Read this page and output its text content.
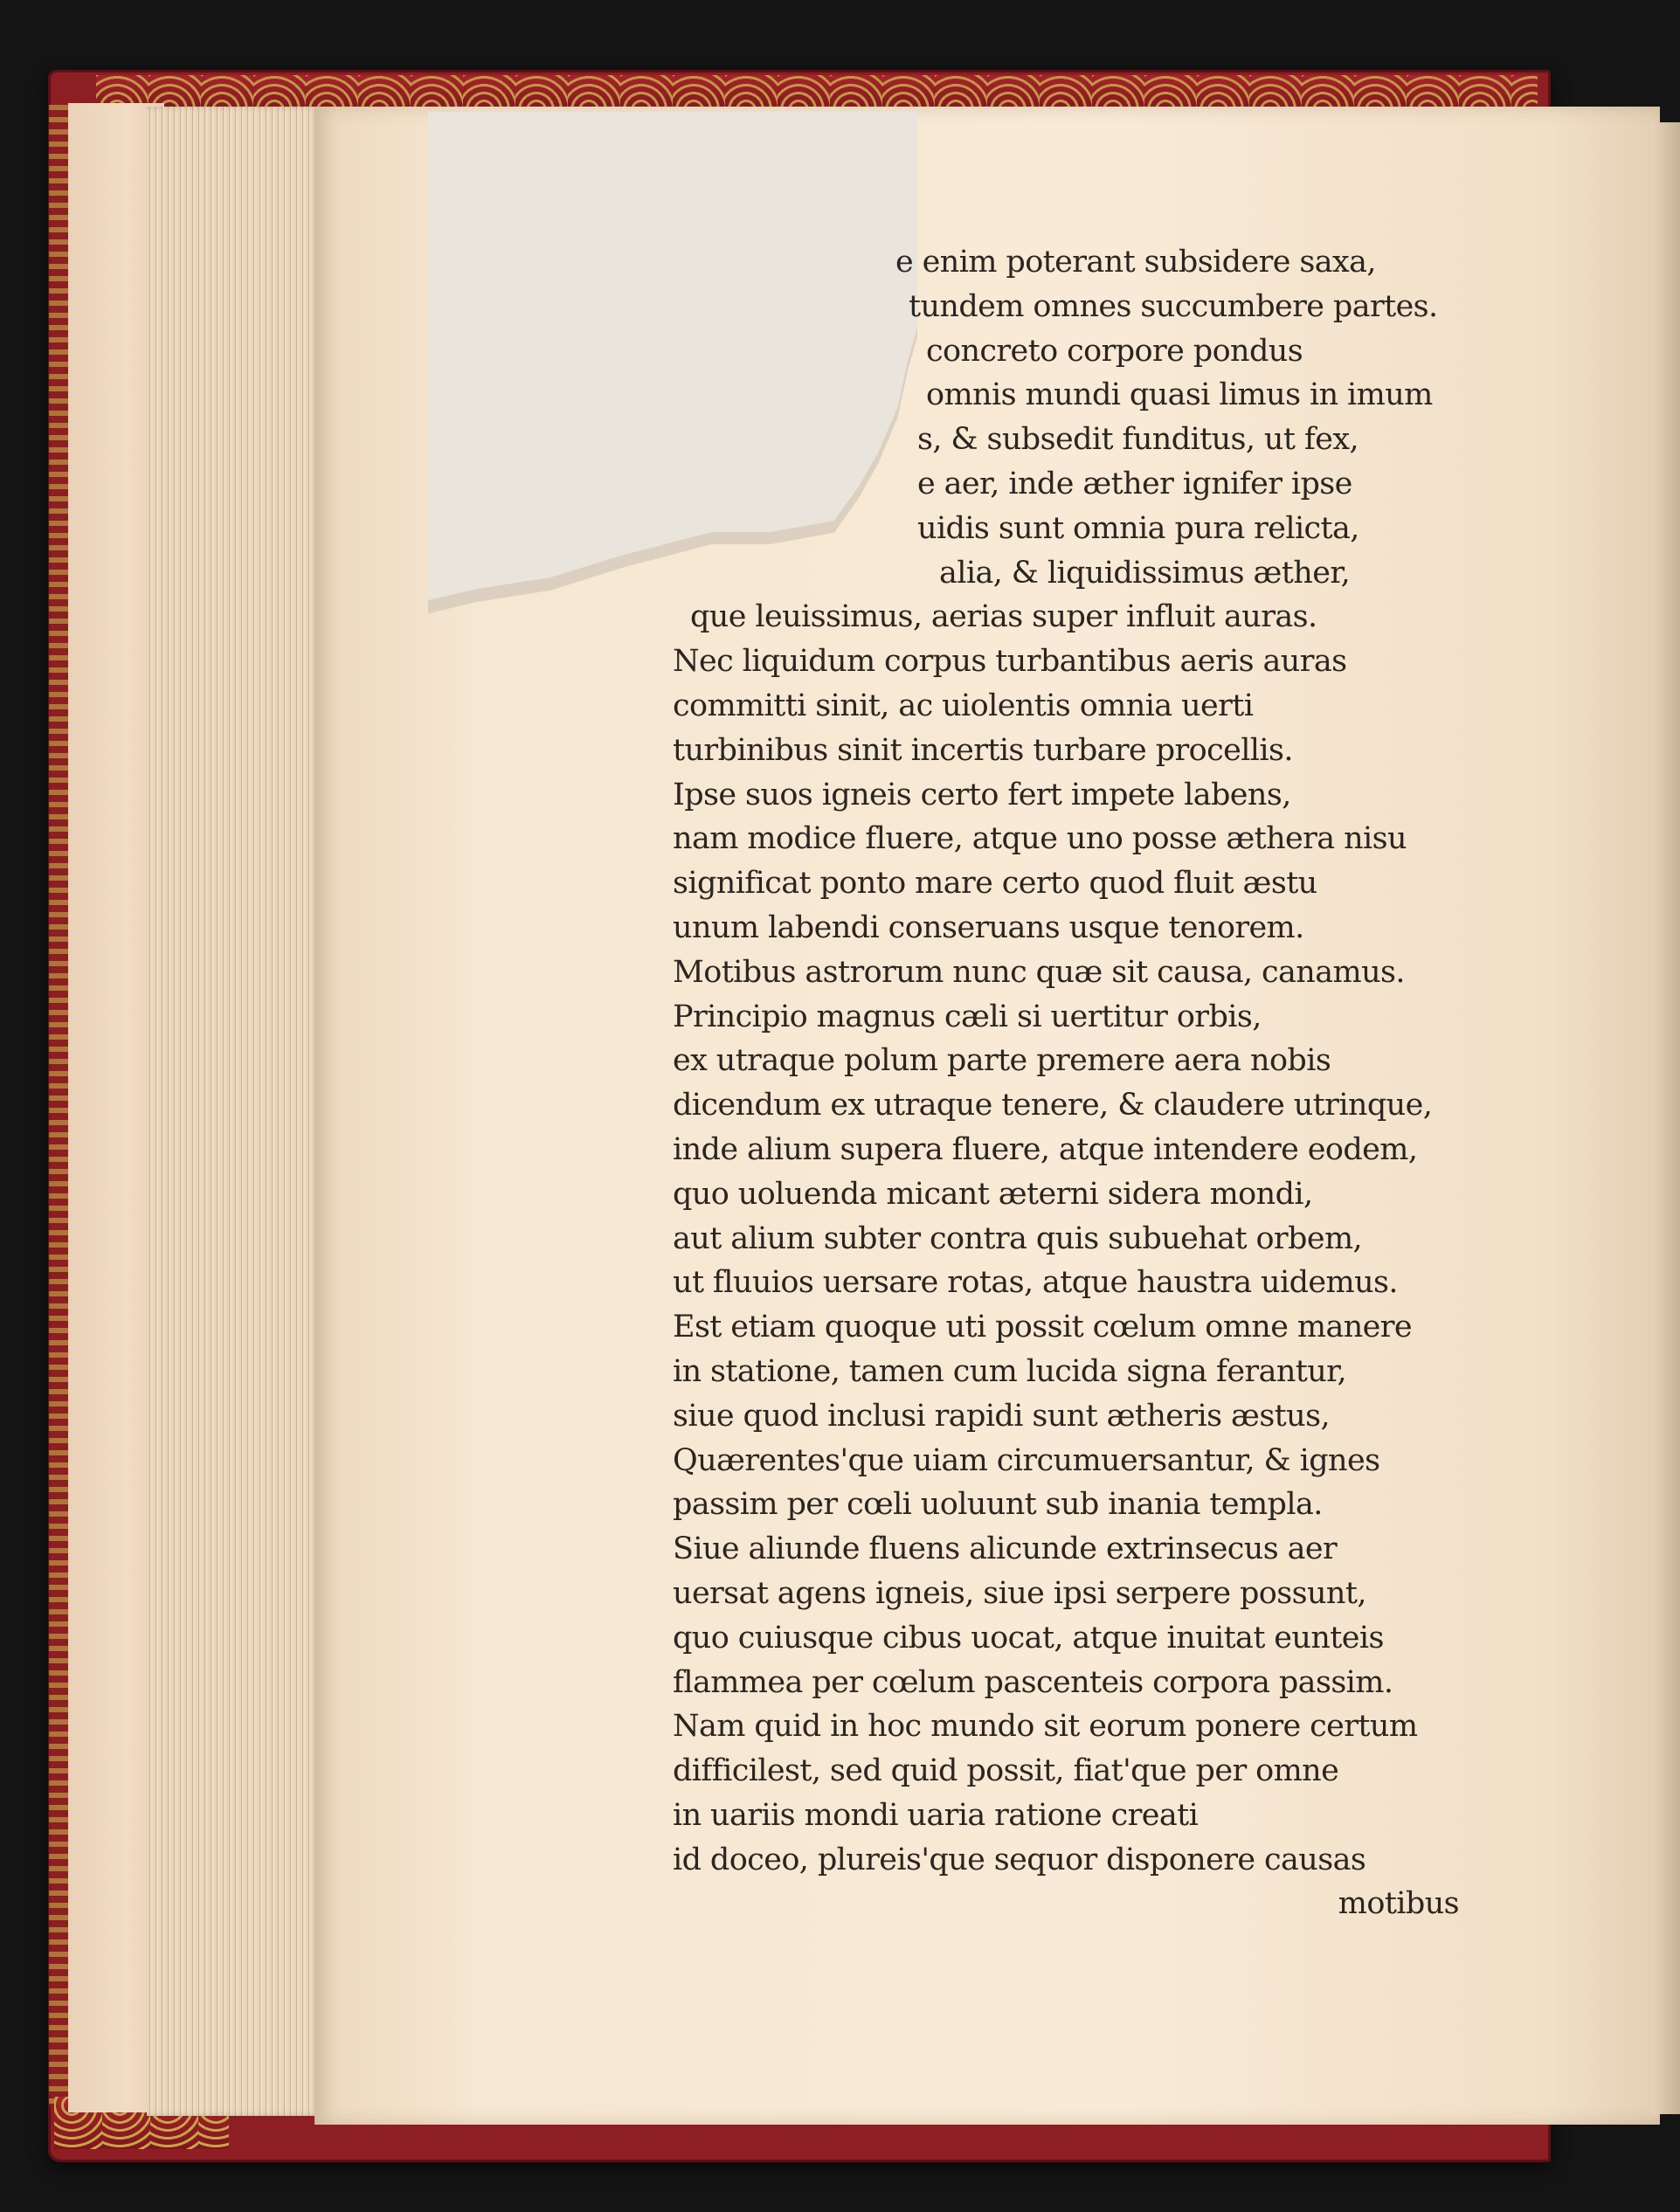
e enim poterant subsidere saxa,
tundem omnes succumbere partes.
concreto corpore pondus
omnis mundi quasi limus in imum
s, & subsedit funditus, ut fex,
e aer, inde æther ignifer ipse
uidis sunt omnia pura relicta,
alia, & liquidissimus æther,
que leuissimus, aerias super influit auras.
Nec liquidum corpus turbantibus aeris auras
committi sinit, ac uiolentis omnia uerti
turbinibus sinit incertis turbare procellis.
Ipse suos igneis certo fert impete labens,
nam modice fluere, atque uno posse æthera nisu
significat ponto mare certo quod fluit æstu
unum labendi conseruans usque tenorem.
Motibus astrorum nunc quæ sit causa, canamus.
Principio magnus cæli si uertitur orbis,
ex utraque polum parte premere aera nobis
dicendum ex utraque tenere, & claudere utrinque,
inde alium supera fluere, atque intendere eodem,
quo uoluenda micant æterni sidera mondi,
aut alium subter contra quis subuehat orbem,
ut fluuios uersare rotas, atque haustra uidemus.
Est etiam quoque uti possit cœlum omne manere
in statione, tamen cum lucida signa ferantur,
siue quod inclusi rapidi sunt ætheris æstus,
Quærentes'que uiam circumuersantur, & ignes
passim per cœli uoluunt sub inania templa.
Siue aliunde fluens alicunde extrinsecus aer
uersat agens igneis, siue ipsi serpere possunt,
quo cuiusque cibus uocat, atque inuitat eunteis
flammea per cœlum pascenteis corpora passim.
Nam quid in hoc mundo sit eorum ponere certum
difficilest, sed quid possit, fiat'que per omne
in uariis mondi uaria ratione creati
id doceo, plureis'que sequor disponere causas
motibus
